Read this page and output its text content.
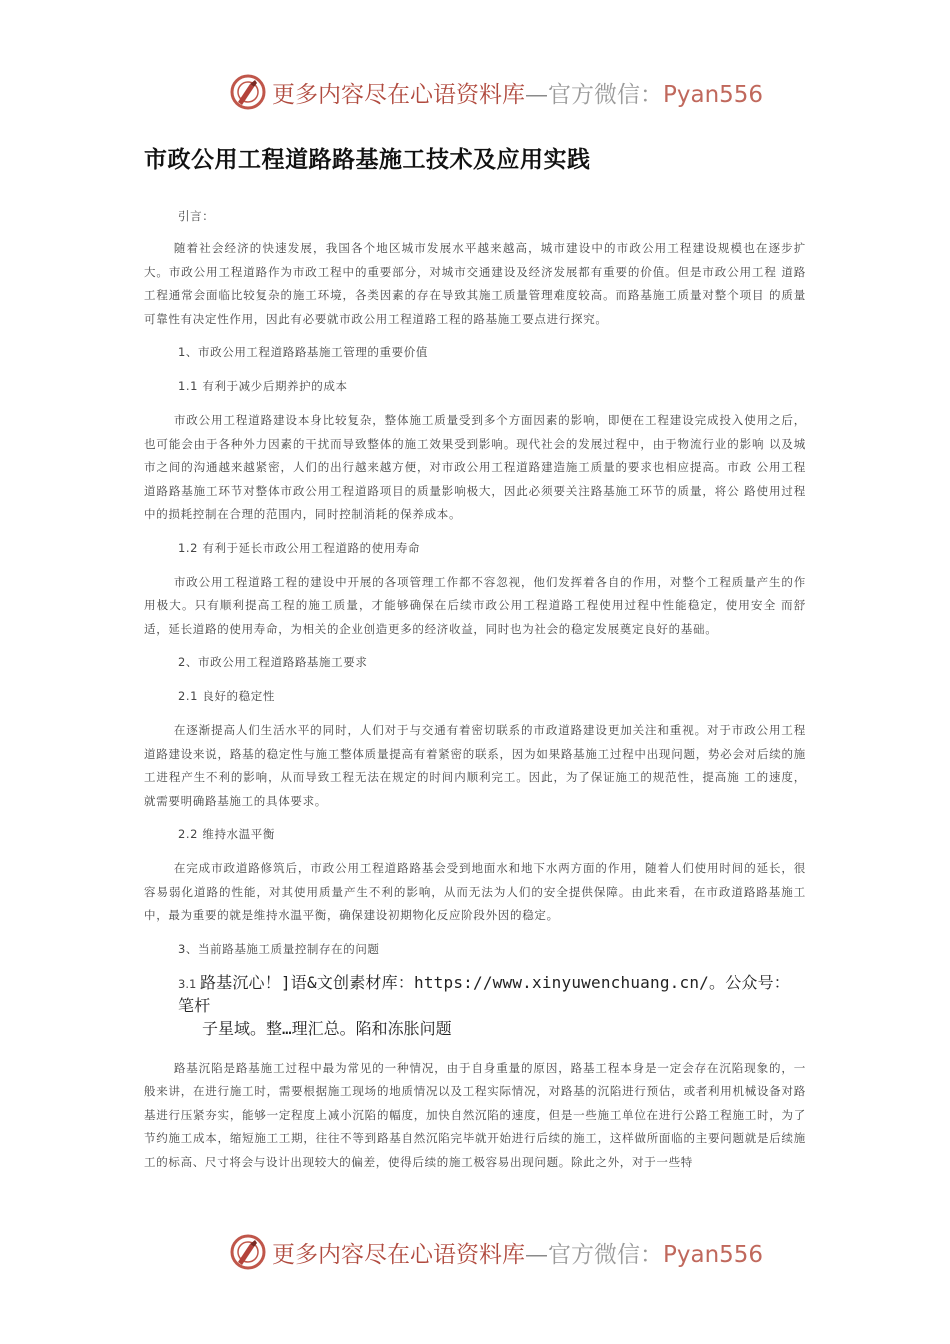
更多内容尽在心语资料库—官方微信：Pyan556
市政公用工程道路路基施工技术及应用实践
引言：

随着社会经济的快速发展，我国各个地区城市发展水平越来越高，城市建设中的市政公用工程建设规模也在逐步扩大。市政公用工程道路作为市政工程中的重要部分，对城市交通建设及经济发展都有重要的价值。但是市政公用工程 道路工程通常会面临比较复杂的施工环境，各类因素的存在导致其施工质量管理难度较高。而路基施工质量对整个项目 的质量可靠性有决定性作用，因此有必要就市政公用工程道路工程的路基施工要点进行探究。

1、市政公用工程道路路基施工管理的重要价值
1.1 有利于减少后期养护的成本

市政公用工程道路建设本身比较复杂，整体施工质量受到多个方面因素的影响，即便在工程建设完成投入使用之后，也可能会由于各种外力因素的干扰而导致整体的施工效果受到影响。现代社会的发展过程中，由于物流行业的影响 以及城市之间的沟通越来越紧密，人们的出行越来越方便，对市政公用工程道路建造施工质量的要求也相应提高。市政 公用工程道路路基施工环节对整体市政公用工程道路项目的质量影响极大，因此必须要关注路基施工环节的质量，将公 路使用过程中的损耗控制在合理的范围内，同时控制消耗的保养成本。

1.2 有利于延长市政公用工程道路的使用寿命

市政公用工程道路工程的建设中开展的各项管理工作都不容忽视，他们发挥着各自的作用，对整个工程质量产生的作用极大。只有顺利提高工程的施工质量，才能够确保在后续市政公用工程道路工程使用过程中性能稳定，使用安全 而舒适，延长道路的使用寿命，为相关的企业创造更多的经济收益，同时也为社会的稳定发展奠定良好的基础。

2、市政公用工程道路路基施工要求
2.1 良好的稳定性

在逐渐提高人们生活水平的同时，人们对于与交通有着密切联系的市政道路建设更加关注和重视。对于市政公用工程道路建设来说，路基的稳定性与施工整体质量提高有着紧密的联系，因为如果路基施工过程中出现问题，势必会对后续的施工进程产生不利的影响，从而导致工程无法在规定的时间内顺利完工。因此，为了保证施工的规范性，提高施 工的速度，就需要明确路基施工的具体要求。

2.2 维持水温平衡

在完成市政道路修筑后，市政公用工程道路路基会受到地面水和地下水两方面的作用，随着人们使用时间的延长，很容易弱化道路的性能，对其使用质量产生不利的影响，从而无法为人们的安全提供保障。由此来看，在市政道路路基施工中，最为重要的就是维持水温平衡，确保建设初期物化反应阶段外因的稳定。

3、当前路基施工质量控制存在的问题
3.1 路基沉心！]语&文创素材库：https://www.xinyuwenchuang.cn/。公众号：笔杆
子星域。整…理汇总。陷和冻胀问题

路基沉陷是路基施工过程中最为常见的一种情况，由于自身重量的原因，路基工程本身是一定会存在沉陷现象的，一般来讲，在进行施工时，需要根据施工现场的地质情况以及工程实际情况，对路基的沉陷进行预估，或者利用机械设备对路基进行压紧夯实，能够一定程度上减小沉陷的幅度，加快自然沉陷的速度，但是一些施工单位在进行公路工程施工时，为了节约施工成本，缩短施工工期，往往不等到路基自然沉陷完毕就开始进行后续的施工，这样做所面临的主要问题就是后续施工的标高、尺寸将会与设计出现较大的偏差，使得后续的施工极容易出现问题。除此之外，对于一些特

更多内容尽在心语资料库—官方微信：Pyan556
